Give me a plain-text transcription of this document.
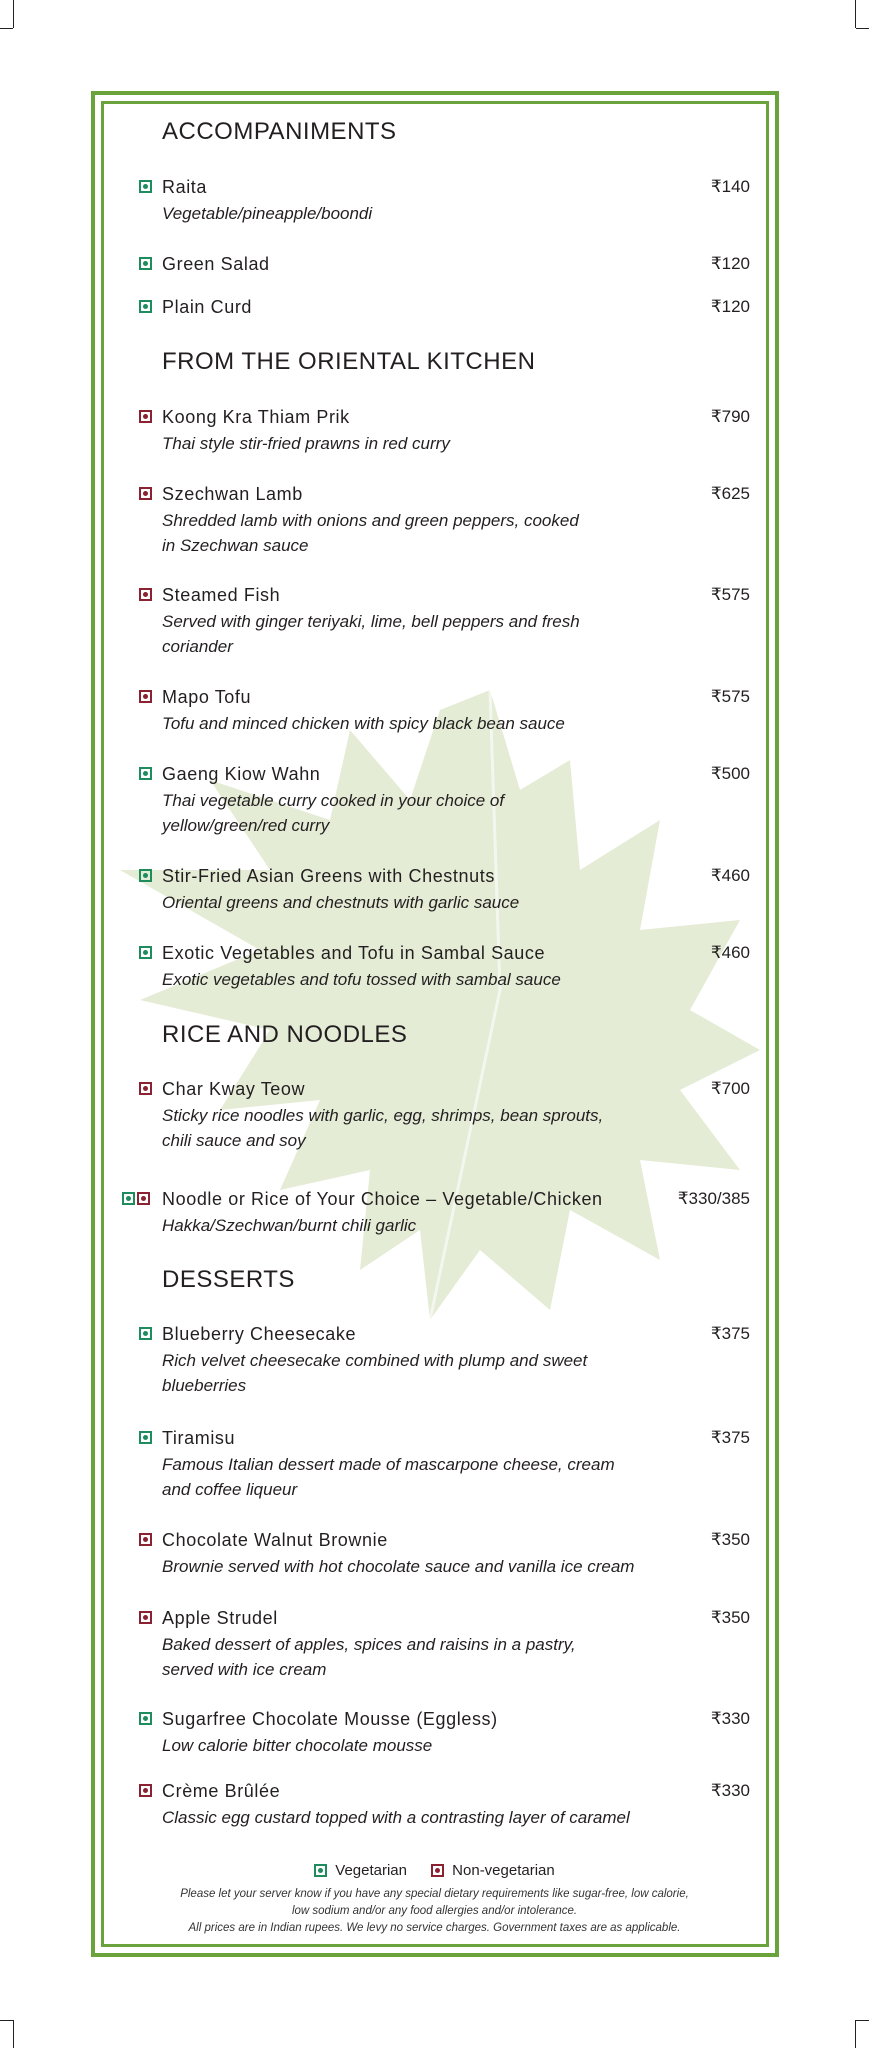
ACCOMPANIMENTS
Raita	₹140
Vegetable/pineapple/boondi
Green Salad	₹120
Plain Curd	₹120
FROM THE ORIENTAL KITCHEN
Koong Kra Thiam Prik	₹790
Thai style stir-fried prawns in red curry
Szechwan Lamb	₹625
Shredded lamb with onions and green peppers, cooked
in Szechwan sauce
Steamed Fish	₹575
Served with ginger teriyaki, lime, bell peppers and fresh
coriander
Mapo Tofu	₹575
Tofu and minced chicken with spicy black bean sauce
Gaeng Kiow Wahn	₹500
Thai vegetable curry cooked in your choice of
yellow/green/red curry
Stir-Fried Asian Greens with Chestnuts	₹460
Oriental greens and chestnuts with garlic sauce
Exotic Vegetables and Tofu in Sambal Sauce	₹460
Exotic vegetables and tofu tossed with sambal sauce
RICE AND NOODLES
Char Kway Teow	₹700
Sticky rice noodles with garlic, egg, shrimps, bean sprouts,
chili sauce and soy
Noodle or Rice of Your Choice – Vegetable/Chicken	₹330/385
Hakka/Szechwan/burnt chili garlic
DESSERTS
Blueberry Cheesecake	₹375
Rich velvet cheesecake combined with plump and sweet
blueberries
Tiramisu	₹375
Famous Italian dessert made of mascarpone cheese, cream
and coffee liqueur
Chocolate Walnut Brownie	₹350
Brownie served with hot chocolate sauce and vanilla ice cream
Apple Strudel	₹350
Baked dessert of apples, spices and raisins in a pastry,
served with ice cream
Sugarfree Chocolate Mousse (Eggless)	₹330
Low calorie bitter chocolate mousse
Crème Brûlée	₹330
Classic egg custard topped with a contrasting layer of caramel
Vegetarian
	Non-vegetarian
Please let your server know if you have any special dietary requirements like sugar-free, low calorie,
low sodium and/or any food allergies and/or intolerance.
All prices are in Indian rupees. We levy no service charges. Government taxes are as applicable.
